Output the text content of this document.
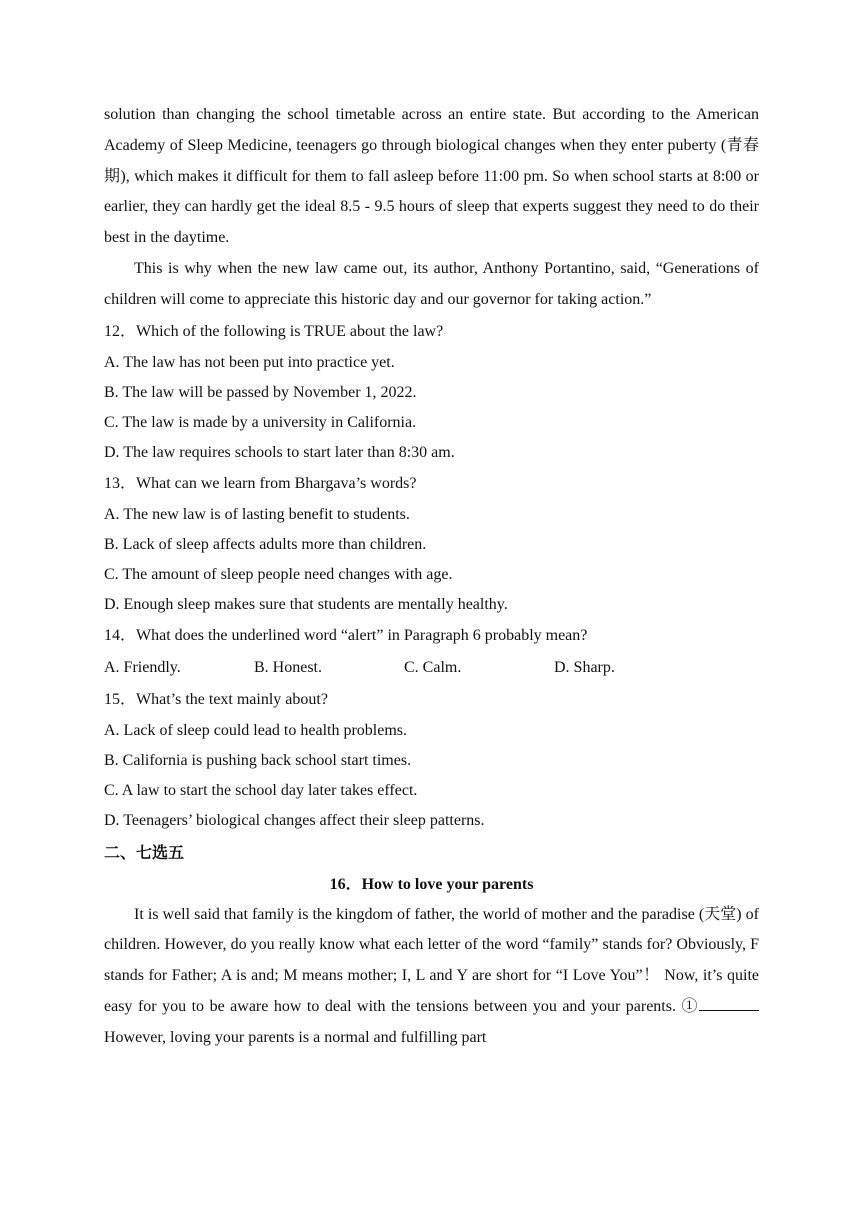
solution than changing the school timetable across an entire state. But according to the American Academy of Sleep Medicine, teenagers go through biological changes when they enter puberty (青春期), which makes it difficult for them to fall asleep before 11:00 pm. So when school starts at 8:00 or earlier, they can hardly get the ideal 8.5 - 9.5 hours of sleep that experts suggest they need to do their best in the daytime.

This is why when the new law came out, its author, Anthony Portantino, said, “Generations of children will come to appreciate this historic day and our governor for taking action.”

12．Which of the following is TRUE about the law?

A. The law has not been put into practice yet.

B. The law will be passed by November 1, 2022.

C. The law is made by a university in California.

D. The law requires schools to start later than 8:30 am.

13．What can we learn from Bhargava’s words?

A. The new law is of lasting benefit to students.

B. Lack of sleep affects adults more than children.

C. The amount of sleep people need changes with age.

D. Enough sleep makes sure that students are mentally healthy.

14．What does the underlined word “alert” in Paragraph 6 probably mean?

A. Friendly.	B. Honest.	C. Calm.	D. Sharp.

15．What’s the text mainly about?

A. Lack of sleep could lead to health problems.

B. California is pushing back school start times.

C. A law to start the school day later takes effect.

D. Teenagers’ biological changes affect their sleep patterns.

二、七选五

16．How to love your parents

It is well said that family is the kingdom of father, the world of mother and the paradise (天堂) of children. However, do you really know what each letter of the word “family” stands for? Obviously, F stands for Father; A is and; M means mother; I, L and Y are short for “I Love You”！ Now, it’s quite easy for you to be aware how to deal with the tensions between you and your parents. ①However, loving your parents is a normal and fulfilling part
